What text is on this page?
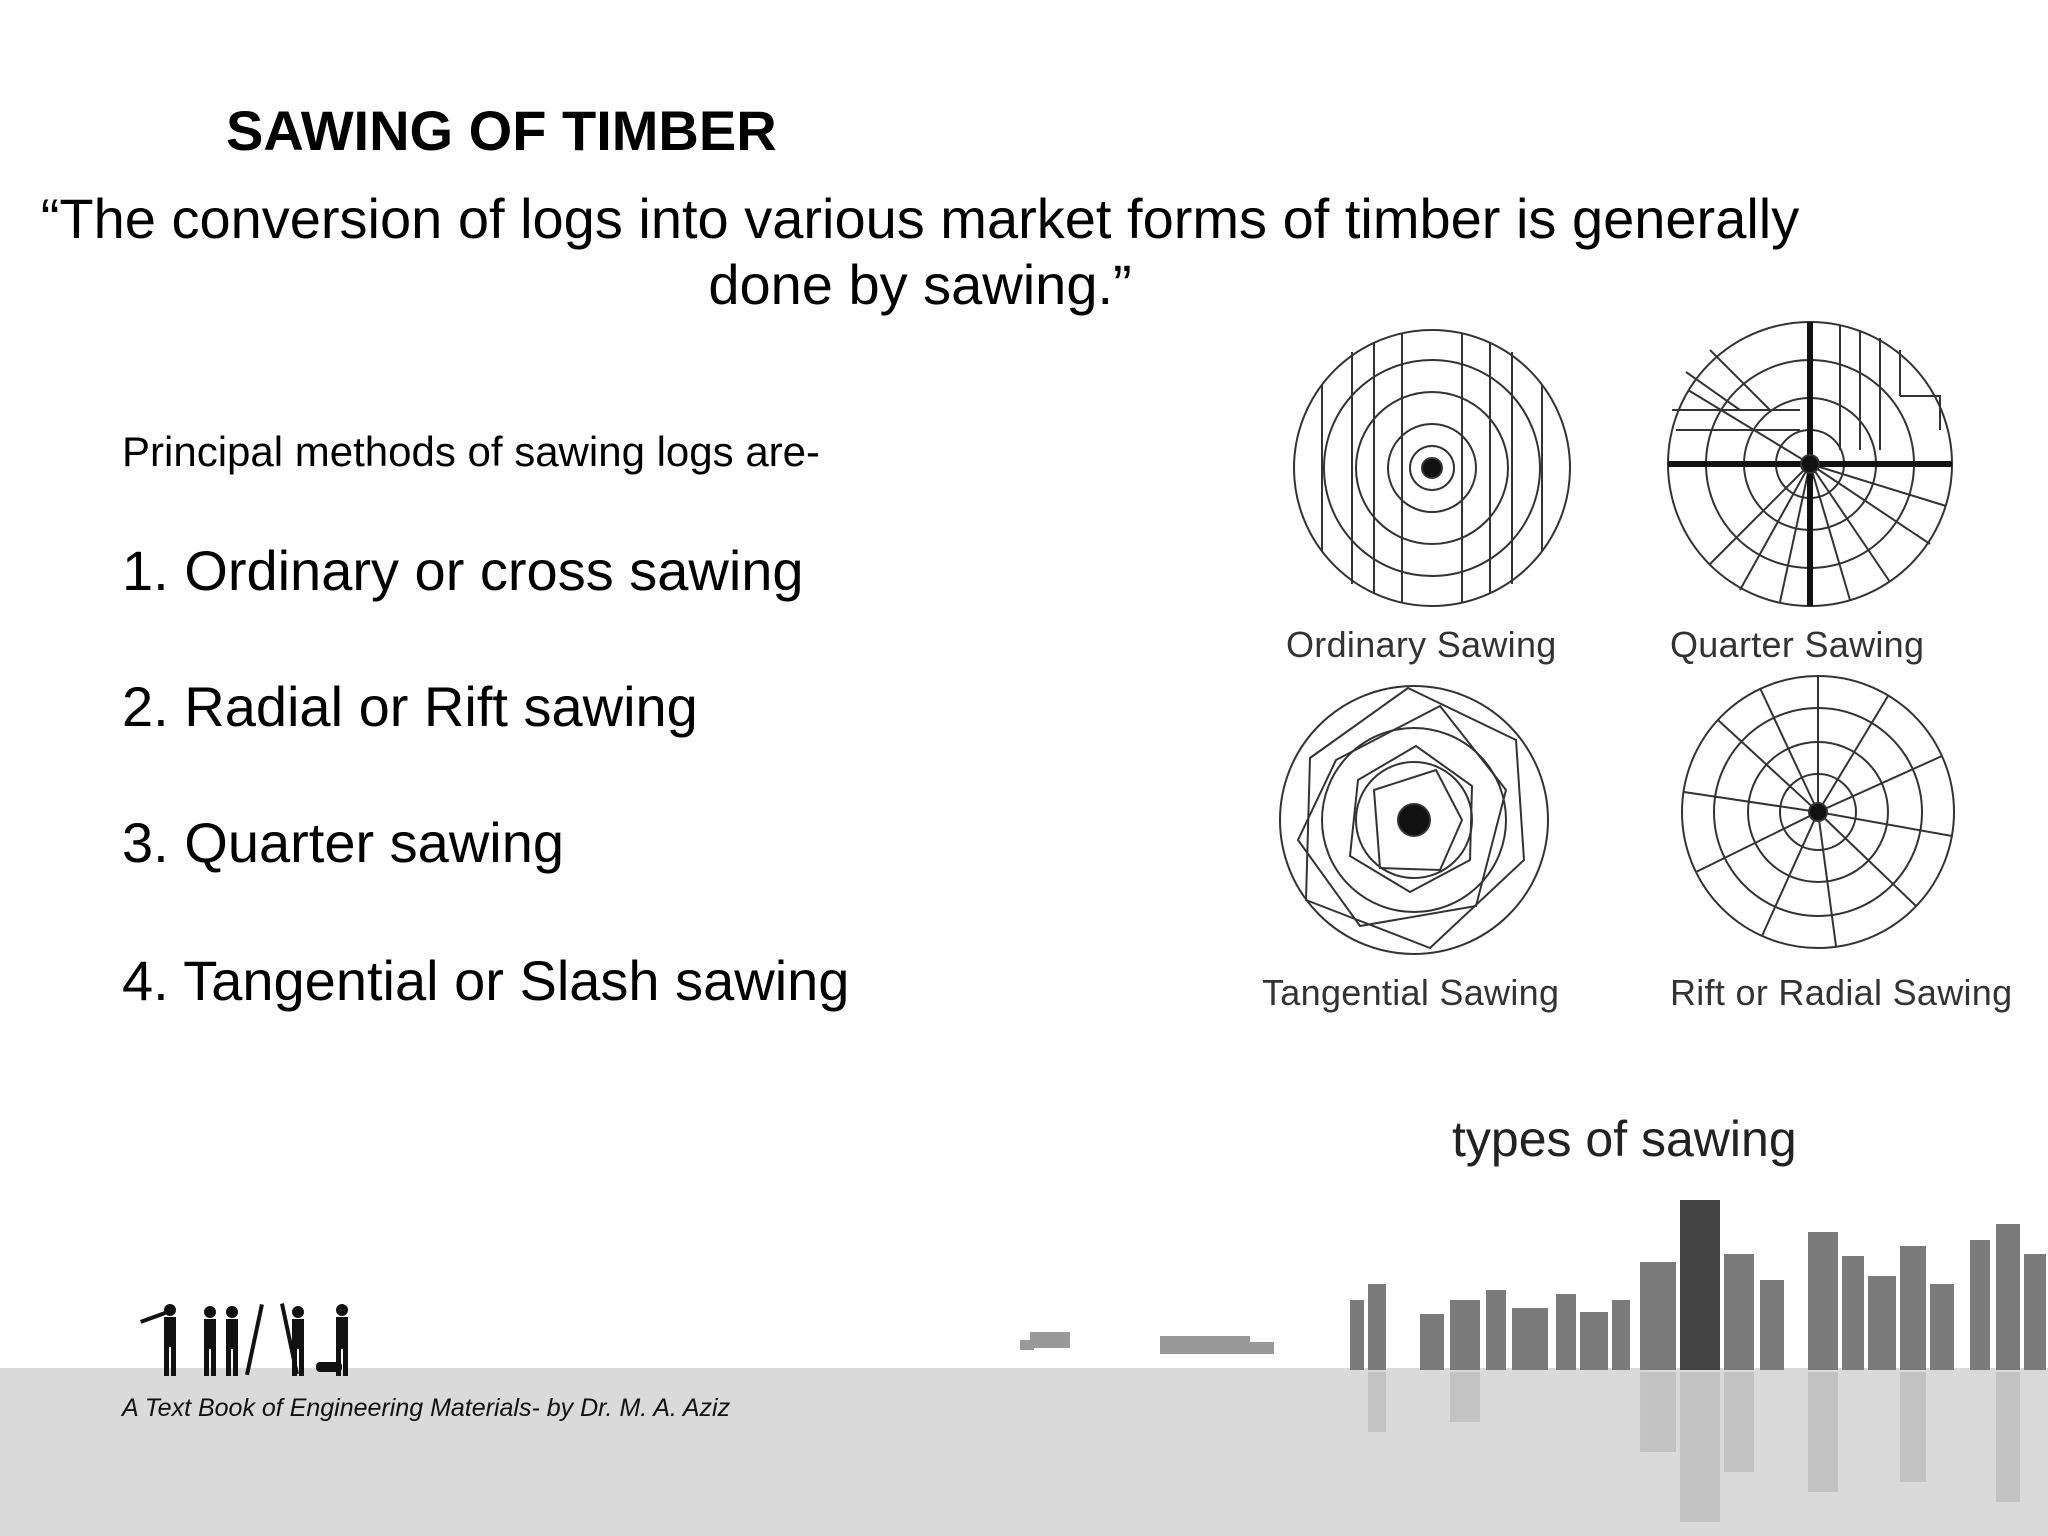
SAWING OF TIMBER
“The conversion of logs into various market forms of timber is generally done by sawing.”
Principal methods of sawing logs are-
1. Ordinary or cross sawing
2. Radial or Rift sawing
3. Quarter sawing
4. Tangential or Slash sawing
Ordinary Sawing	Quarter Sawing
Tangential Sawing	Rift or Radial Sawing
types of sawing
A Text Book of Engineering Materials- by Dr. M. A. Aziz
